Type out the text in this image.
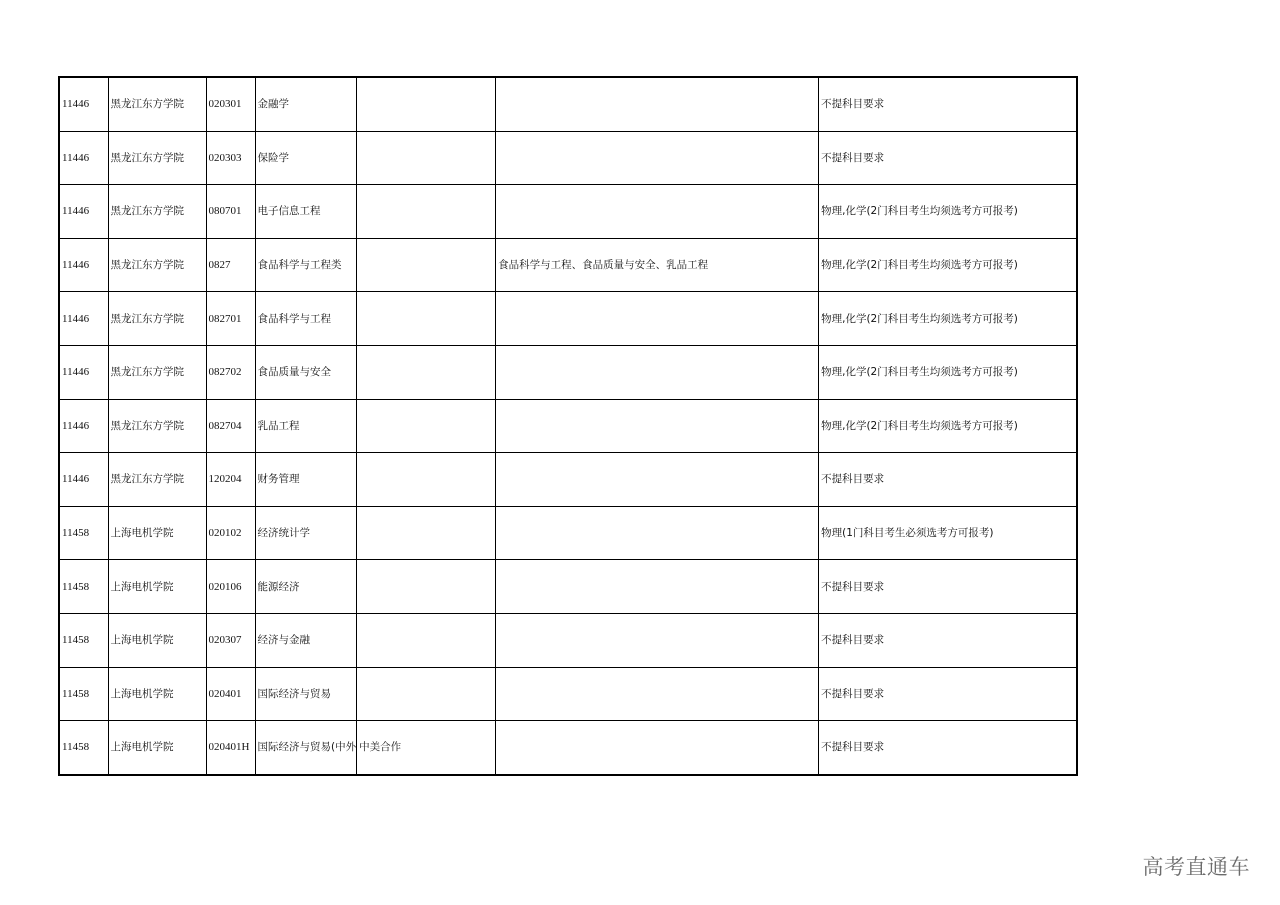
11446	黑龙江东方学院	020301	金融学			不提科目要求
11446	黑龙江东方学院	020303	保险学			不提科目要求
11446	黑龙江东方学院	080701	电子信息工程			物理,化学(2门科目考生均须选考方可报考)
11446	黑龙江东方学院	0827	食品科学与工程类		食品科学与工程、食品质量与安全、乳品工程	物理,化学(2门科目考生均须选考方可报考)
11446	黑龙江东方学院	082701	食品科学与工程			物理,化学(2门科目考生均须选考方可报考)
11446	黑龙江东方学院	082702	食品质量与安全			物理,化学(2门科目考生均须选考方可报考)
11446	黑龙江东方学院	082704	乳品工程			物理,化学(2门科目考生均须选考方可报考)
11446	黑龙江东方学院	120204	财务管理			不提科目要求
11458	上海电机学院	020102	经济统计学			物理(1门科目考生必须选考方可报考)
11458	上海电机学院	020106	能源经济			不提科目要求
11458	上海电机学院	020307	经济与金融			不提科目要求
11458	上海电机学院	020401	国际经济与贸易			不提科目要求
11458	上海电机学院	020401H	国际经济与贸易(中外	中美合作		不提科目要求
高考直通车
